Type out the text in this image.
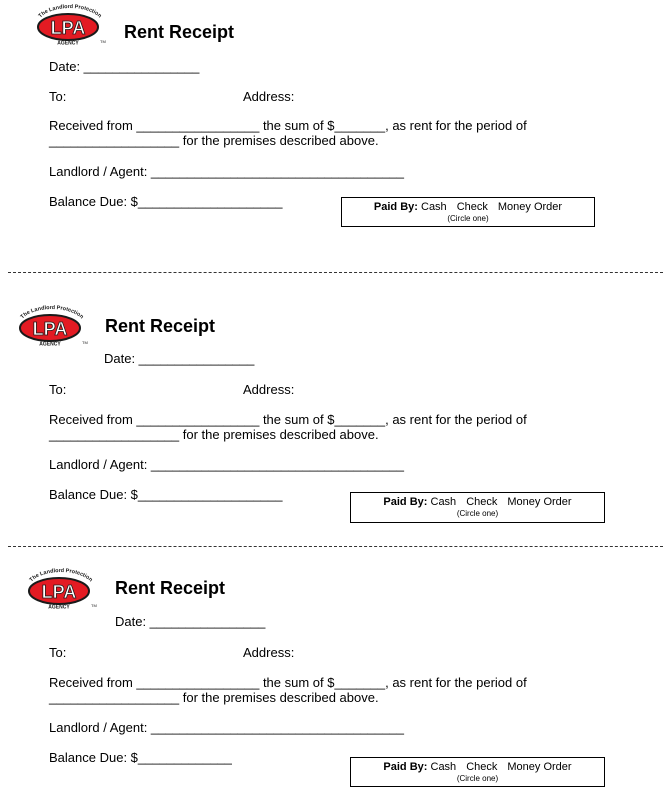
The Landlord Protection
LPA
AGENCY	TM Rent Receipt
Date: ________________
To:	Address:
Received from _________________ the sum of $_______, as rent for the period of
__________________ for the premises described above.
Landlord / Agent: ___________________________________
Balance Due: $____________________	Paid By: Cash Check Money Order
(Circle one)
The Landlord Protection
LPA
AGENCY	TM
Rent Receipt
Date: ________________
To:	Address:
Received from _________________ the sum of $_______, as rent for the period of
__________________ for the premises described above.
Landlord / Agent: ___________________________________
Balance Due: $____________________	Paid By: Cash Check Money Order
(Circle one)
The Landlord Protection
LPA
AGENCY	TM
Rent Receipt
Date: ________________
To:	Address:
Received from _________________ the sum of $_______, as rent for the period of
__________________ for the premises described above.
Landlord / Agent: ___________________________________
Balance Due: $_____________
Paid By: Cash Check Money Order
(Circle one)
